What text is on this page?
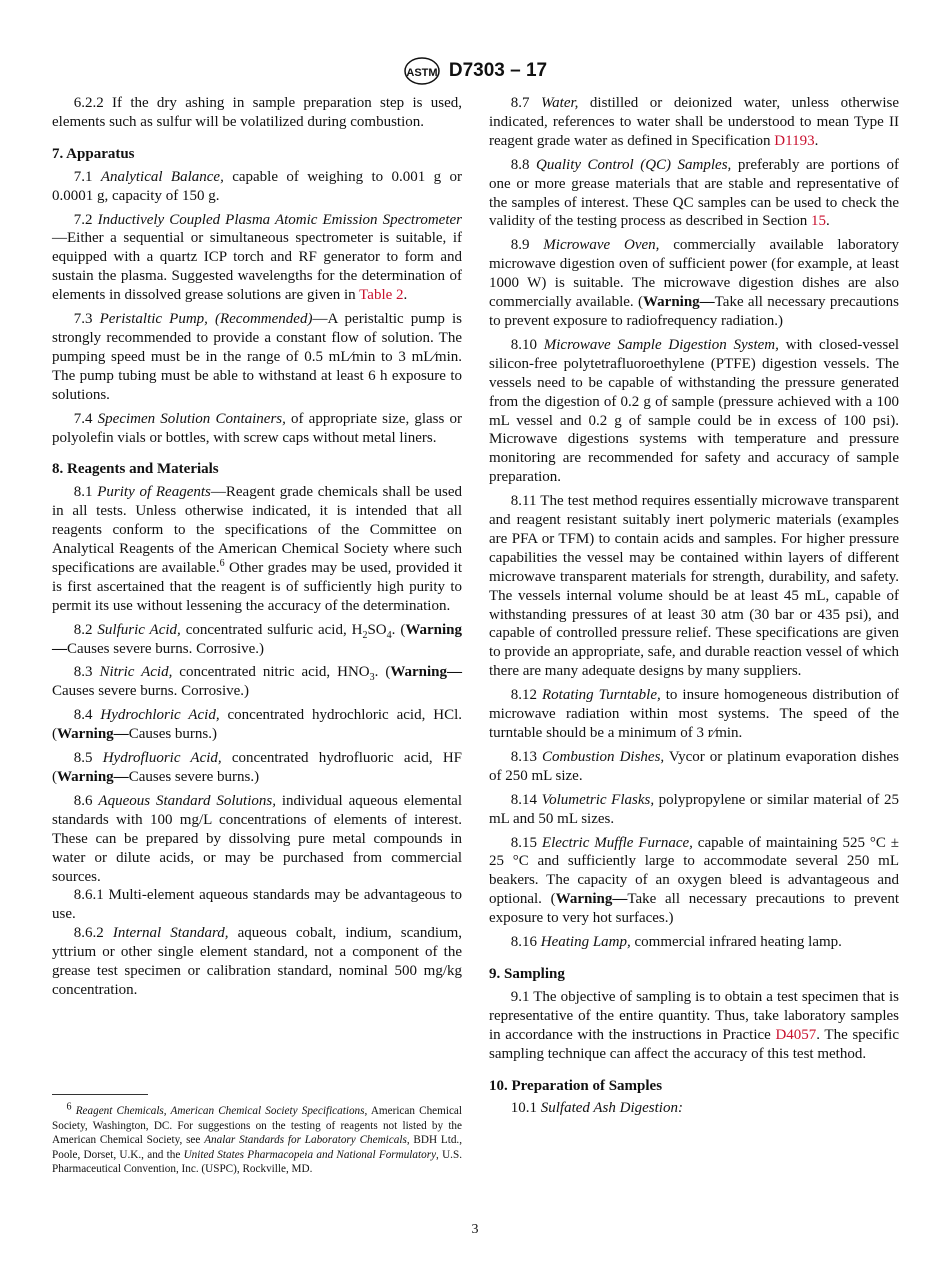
ASTM D7303 – 17

6.2.2 If the dry ashing in sample preparation step is used, elements such as sulfur will be volatilized during combustion.

7. Apparatus

7.1 Analytical Balance, capable of weighing to 0.001 g or 0.0001 g, capacity of 150 g.

7.2 Inductively Coupled Plasma Atomic Emission Spectrometer—Either a sequential or simultaneous spectrometer is suitable, if equipped with a quartz ICP torch and RF generator to form and sustain the plasma. Suggested wavelengths for the determination of elements in dissolved grease solutions are given in Table 2.

7.3 Peristaltic Pump, (Recommended)—A peristaltic pump is strongly recommended to provide a constant flow of solution. The pumping speed must be in the range of 0.5 mL⁄min to 3 mL⁄min. The pump tubing must be able to withstand at least 6 h exposure to solutions.

7.4 Specimen Solution Containers, of appropriate size, glass or polyolefin vials or bottles, with screw caps without metal liners.

8. Reagents and Materials

8.1 Purity of Reagents—Reagent grade chemicals shall be used in all tests. Unless otherwise indicated, it is intended that all reagents conform to the specifications of the Committee on Analytical Reagents of the American Chemical Society where such specifications are available.$^6$ Other grades may be used, provided it is first ascertained that the reagent is of sufficiently high purity to permit its use without lessening the accuracy of the determination.

8.2 Sulfuric Acid, concentrated sulfuric acid, $H_2SO_4$. (Warning—Causes severe burns. Corrosive.)

8.3 Nitric Acid, concentrated nitric acid, $HNO_3$. (Warning—Causes severe burns. Corrosive.)

8.4 Hydrochloric Acid, concentrated hydrochloric acid, HCl. (Warning—Causes burns.)

8.5 Hydrofluoric Acid, concentrated hydrofluoric acid, HF (Warning—Causes severe burns.)

8.6 Aqueous Standard Solutions, individual aqueous elemental standards with 100 mg/L concentrations of elements of interest. These can be prepared by dissolving pure metal compounds in water or dilute acids, or may be purchased from commercial sources.

8.6.1 Multi-element aqueous standards may be advantageous to use.

8.6.2 Internal Standard, aqueous cobalt, indium, scandium, yttrium or other single element standard, not a component of the grease test specimen or calibration standard, nominal 500 mg/kg concentration.

8.7 Water, distilled or deionized water, unless otherwise indicated, references to water shall be understood to mean Type II reagent grade water as defined in Specification D1193.

8.8 Quality Control (QC) Samples, preferably are portions of one or more grease materials that are stable and representative of the samples of interest. These QC samples can be used to check the validity of the testing process as described in Section 15.

8.9 Microwave Oven, commercially available laboratory microwave digestion oven of sufficient power (for example, at least 1000 W) is suitable. The microwave digestion dishes are also commercially available. (Warning—Take all necessary precautions to prevent exposure to radiofrequency radiation.)

8.10 Microwave Sample Digestion System, with closed-vessel silicon-free polytetrafluoroethylene (PTFE) digestion vessels. The vessels need to be capable of withstanding the pressure generated from the digestion of 0.2 g of sample (pressure achieved with a 100 mL vessel and 0.2 g of sample could be in excess of 100 psi). Microwave digestions systems with temperature and pressure monitoring are recommended for safety and accuracy of sample preparation.

8.11 The test method requires essentially microwave transparent and reagent resistant suitably inert polymeric materials (examples are PFA or TFM) to contain acids and samples. For higher pressure capabilities the vessel may be contained within layers of different microwave transparent materials for strength, durability, and safety. The vessels internal volume should be at least 45 mL, capable of withstanding pressures of at least 30 atm (30 bar or 435 psi), and capable of controlled pressure relief. These specifications are given to provide an appropriate, safe, and durable reaction vessel of which there are many adequate designs by many suppliers.

8.12 Rotating Turntable, to insure homogeneous distribution of microwave radiation within most systems. The speed of the turntable should be a minimum of 3 r⁄min.

8.13 Combustion Dishes, Vycor or platinum evaporation dishes of 250 mL size.

8.14 Volumetric Flasks, polypropylene or similar material of 25 mL and 50 mL sizes.

8.15 Electric Muffle Furnace, capable of maintaining 525 °C ± 25 °C and sufficiently large to accommodate several 250 mL beakers. The capacity of an oxygen bleed is advantageous and optional. (Warning—Take all necessary precautions to prevent exposure to very hot surfaces.)

8.16 Heating Lamp, commercial infrared heating lamp.

9. Sampling

9.1 The objective of sampling is to obtain a test specimen that is representative of the entire quantity. Thus, take laboratory samples in accordance with the instructions in Practice D4057. The specific sampling technique can affect the accuracy of this test method.

10. Preparation of Samples

10.1 Sulfated Ash Digestion:

$^6$ Reagent Chemicals, American Chemical Society Specifications, American Chemical Society, Washington, DC. For suggestions on the testing of reagents not listed by the American Chemical Society, see Analar Standards for Laboratory Chemicals, BDH Ltd., Poole, Dorset, U.K., and the United States Pharmacopeia and National Formulatory, U.S. Pharmaceutical Convention, Inc. (USPC), Rockville, MD.

3
